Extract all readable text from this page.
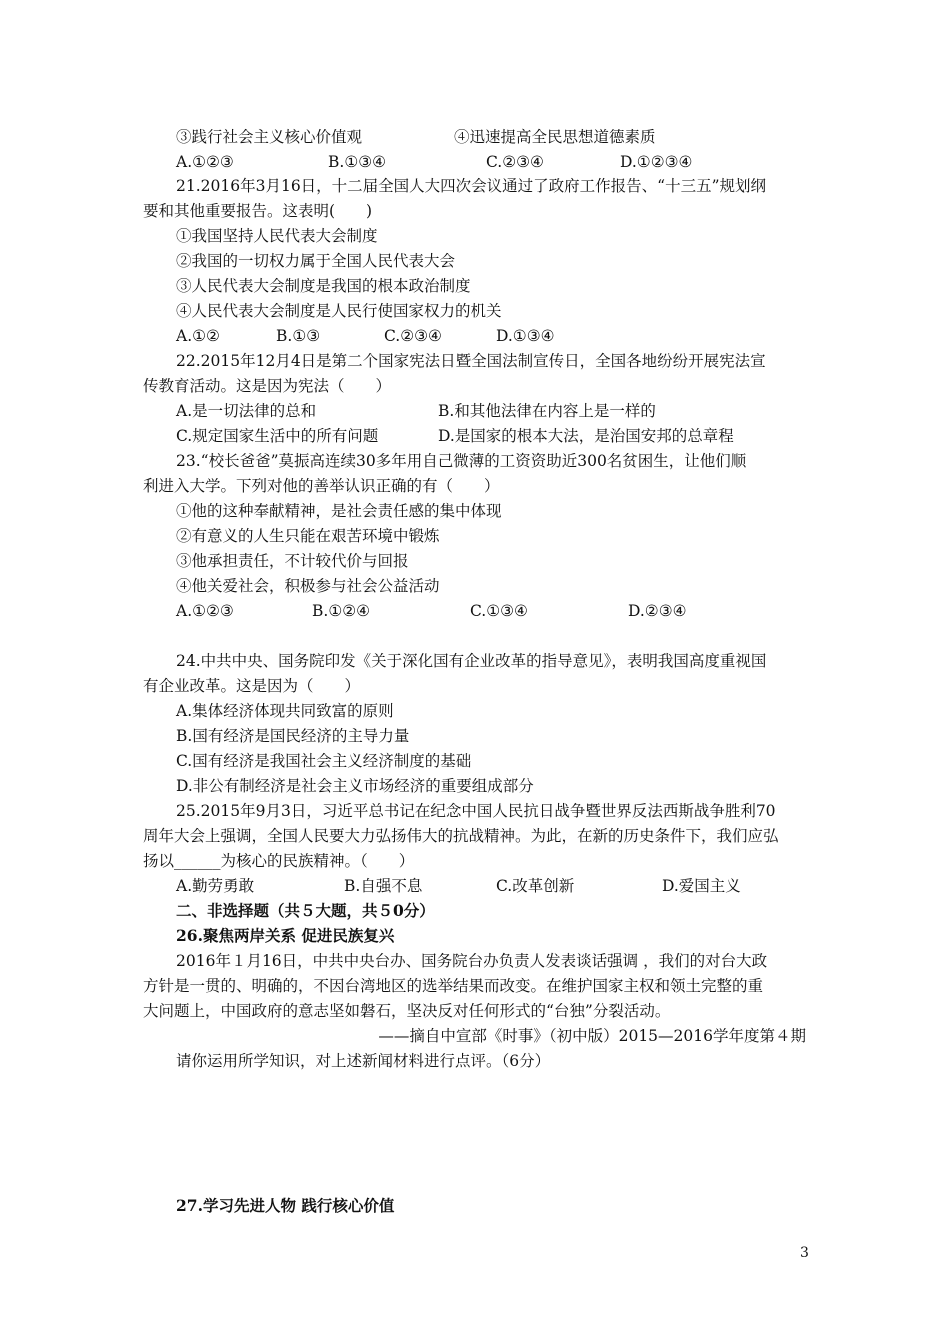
③践行社会主义核心价值观	④迅速提高全民思想道德素质
A.①②③	B.①③④	C.②③④	D.①②③④
21.2016年3月16日，十二届全国人大四次会议通过了政府工作报告、“十三五”规划纲
要和其他重要报告。这表明(　　)
①我国坚持人民代表大会制度
②我国的一切权力属于全国人民代表大会
③人民代表大会制度是我国的根本政治制度
④人民代表大会制度是人民行使国家权力的机关
A.①②	B.①③	C.②③④	D.①③④
22.2015年12月4日是第二个国家宪法日暨全国法制宣传日，全国各地纷纷开展宪法宣
传教育活动。这是因为宪法（　　）
A.是一切法律的总和	B.和其他法律在内容上是一样的
C.规定国家生活中的所有问题	D.是国家的根本大法，是治国安邦的总章程
23.“校长爸爸”莫振高连续30多年用自己微薄的工资资助近300名贫困生，让他们顺
利进入大学。下列对他的善举认识正确的有（　　）
①他的这种奉献精神，是社会责任感的集中体现
②有意义的人生只能在艰苦环境中锻炼
③他承担责任，不计较代价与回报
④他关爱社会，积极参与社会公益活动
A.①②③	B.①②④	C.①③④	D.②③④
24.中共中央、国务院印发《关于深化国有企业改革的指导意见》，表明我国高度重视国
有企业改革。这是因为（　　）
A.集体经济体现共同致富的原则
B.国有经济是国民经济的主导力量
C.国有经济是我国社会主义经济制度的基础
D.非公有制经济是社会主义市场经济的重要组成部分
25.2015年9月3日，习近平总书记在纪念中国人民抗日战争暨世界反法西斯战争胜利70
周年大会上强调，全国人民要大力弘扬伟大的抗战精神。为此，在新的历史条件下，我们应弘
扬以______为核心的民族精神。（　　）
A.勤劳勇敢	B.自强不息	C.改革创新	D.爱国主义
二、非选择题（共５大题，共５0分）
26.聚焦两岸关系 促进民族复兴
2016年１月16日，中共中央台办、国务院台办负责人发表谈话强调 ，我们的对台大政
方针是一贯的、明确的，不因台湾地区的选举结果而改变。在维护国家主权和领土完整的重
大问题上，中国政府的意志坚如磐石，坚决反对任何形式的“台独”分裂活动。
——摘自中宣部《时事》（初中版）2015—2016学年度第４期
请你运用所学知识，对上述新闻材料进行点评。（6分）
27.学习先进人物 践行核心价值
3
